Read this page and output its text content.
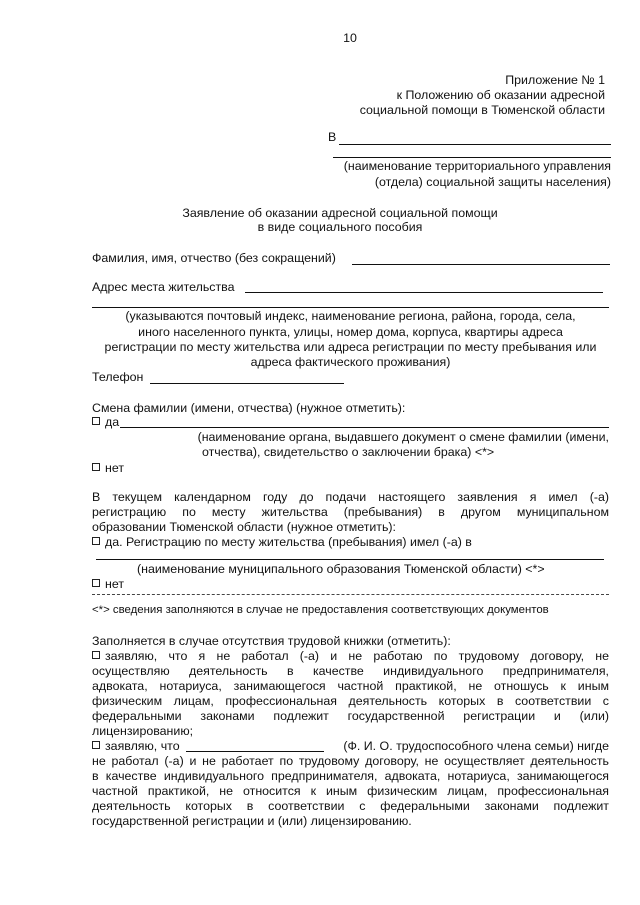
10
Приложение № 1
к Положению об оказании адресной
социальной помощи в Тюменской области
В
(наименование территориального управления
(отдела) социальной защиты населения)
Заявление об оказании адресной социальной помощи
в виде социального пособия
Фамилия, имя, отчество (без сокращений)
Адрес места жительства
(указываются почтовый индекс, наименование региона, района, города, села,
иного населенного пункта, улицы, номер дома, корпуса, квартиры адреса
регистрации по месту жительства или адреса регистрации по месту пребывания или
адреса фактического проживания)
Телефон
Смена фамилии (имени, отчества) (нужное отметить):
да
(наименование органа, выдавшего документ о смене фамилии (имени,
отчества), свидетельство о заключении брака) <*>
нет
В текущем календарном году до подачи настоящего заявления я имел (-а)
регистрацию по месту жительства (пребывания) в другом муниципальном
образовании Тюменской области (нужное отметить):
да. Регистрацию по месту жительства (пребывания) имел (-а) в
(наименование муниципального образования Тюменской области) <*>
нет
<*> сведения заполняются в случае не предоставления соответствующих документов
Заполняется в случае отсутствия трудовой книжки (отметить):
заявляю, что я не работал (-а) и не работаю по трудовому договору, не
осуществляю деятельность в качестве индивидуального предпринимателя,
адвоката, нотариуса, занимающегося частной практикой, не отношусь к иным
физическим лицам, профессиональная деятельность которых в соответствии с
федеральными законами подлежит государственной регистрации и (или)
лицензированию;
заявляю, что	(Ф. И. О. трудоспособного члена семьи) нигде
не работал (-а) и не работает по трудовому договору, не осуществляет деятельность
в качестве индивидуального предпринимателя, адвоката, нотариуса, занимающегося
частной практикой, не относится к иным физическим лицам, профессиональная
деятельность которых в соответствии с федеральными законами подлежит
государственной регистрации и (или) лицензированию.
